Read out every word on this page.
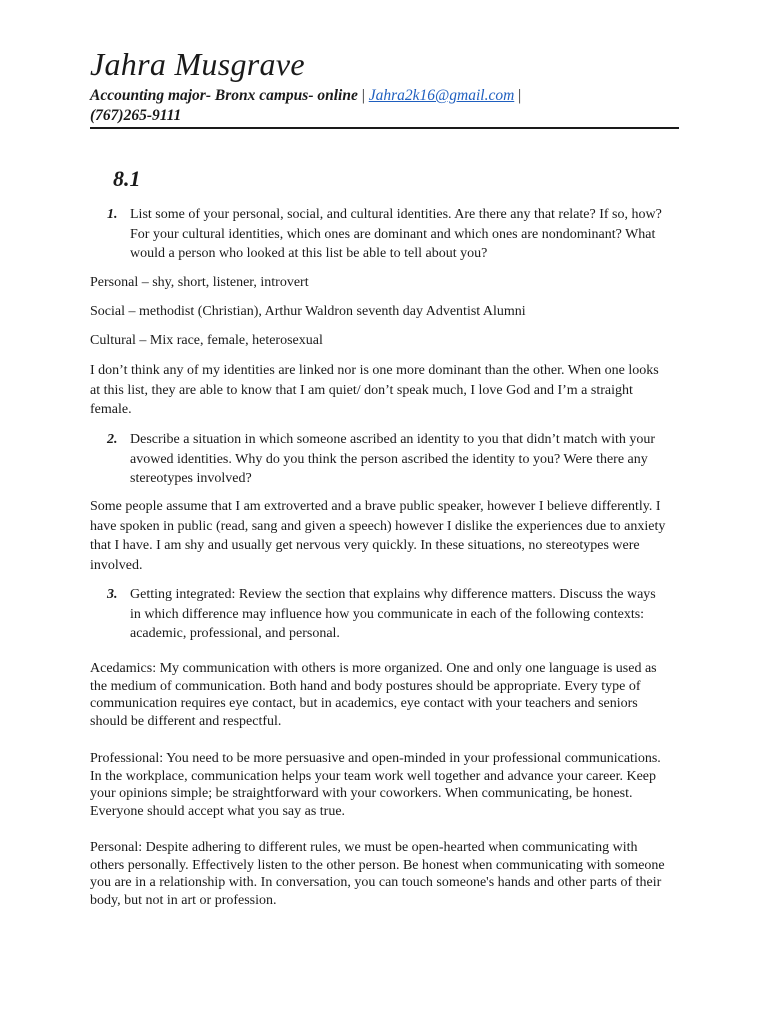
Jahra Musgrave
Accounting major- Bronx campus- online | Jahra2k16@gmail.com |
(767)265-9111
8.1
1. List some of your personal, social, and cultural identities. Are there any that relate? If so, how? For your cultural identities, which ones are dominant and which ones are nondominant? What would a person who looked at this list be able to tell about you?

Personal – shy, short, listener, introvert

Social – methodist (Christian), Arthur Waldron seventh day Adventist Alumni

Cultural – Mix race, female, heterosexual

I don’t think any of my identities are linked nor is one more dominant than the other. When one looks at this list, they are able to know that I am quiet/ don’t speak much, I love God and I’m a straight female.

2. Describe a situation in which someone ascribed an identity to you that didn’t match with your avowed identities. Why do you think the person ascribed the identity to you? Were there any stereotypes involved?

Some people assume that I am extroverted and a brave public speaker, however I believe differently. I have spoken in public (read, sang and given a speech) however I dislike the experiences due to anxiety that I have. I am shy and usually get nervous very quickly. In these situations, no stereotypes were involved.

3. Getting integrated: Review the section that explains why difference matters. Discuss the ways in which difference may influence how you communicate in each of the following contexts: academic, professional, and personal.

Acedamics: My communication with others is more organized. One and only one language is used as the medium of communication. Both hand and body postures should be appropriate. Every type of communication requires eye contact, but in academics, eye contact with your teachers and seniors should be different and respectful.

Professional: You need to be more persuasive and open-minded in your professional communications. In the workplace, communication helps your team work well together and advance your career. Keep your opinions simple; be straightforward with your coworkers. When communicating, be honest. Everyone should accept what you say as true.

Personal: Despite adhering to different rules, we must be open-hearted when communicating with others personally. Effectively listen to the other person. Be honest when communicating with someone you are in a relationship with. In conversation, you can touch someone's hands and other parts of their body, but not in art or profession.
